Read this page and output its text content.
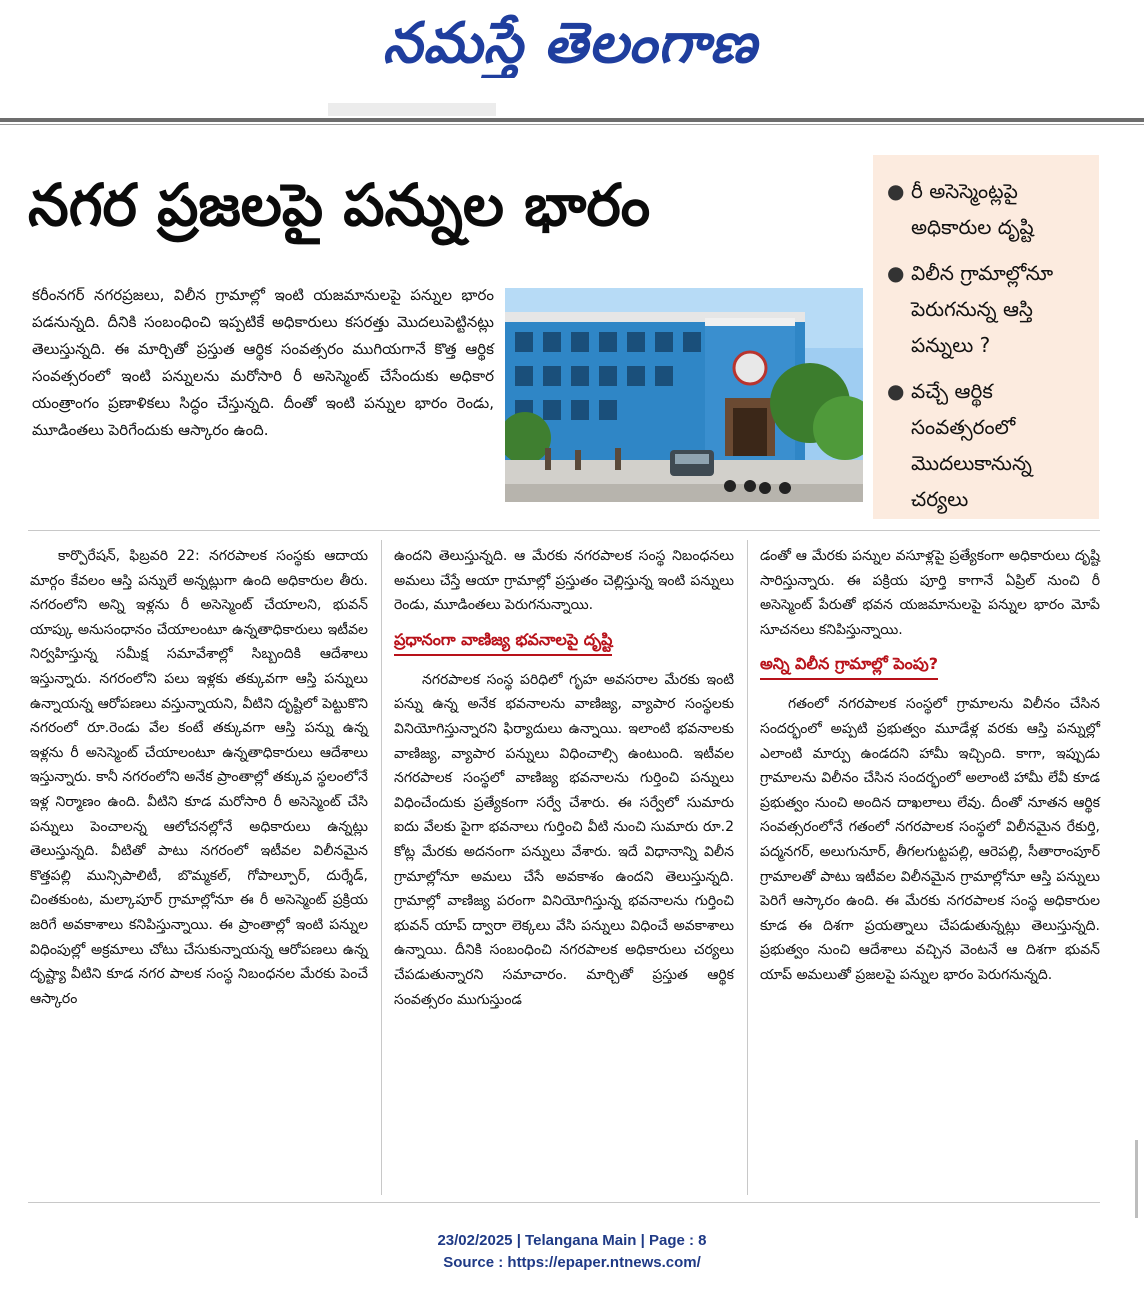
నమస్తే తెలంగాణ
నగర ప్రజలపై పన్నుల భారం	● రీ అసెస్మెంట్లపై అధికారుల దృష్టి
● విలీన గ్రామాల్లోనూ పెరుగనున్న ఆస్తి పన్నులు ?
● వచ్చే ఆర్థిక సంవత్సరంలో మొదలుకానున్న చర్యలు

కరీంనగర్ నగరప్రజలు, విలీన గ్రామాల్లో ఇంటి యజమానులపై పన్నుల భారం పడనున్నది. దీనికి సంబంధించి ఇప్పటికే అధికారులు కసరత్తు మొదలుపెట్టినట్లు తెలుస్తున్నది. ఈ మార్చితో ప్రస్తుత ఆర్థిక సంవత్సరం ముగియగానే కొత్త ఆర్థిక సంవత్సరంలో ఇంటి పన్నులను మరోసారి రీ అసెస్మెంట్ చేసేందుకు అధికార యంత్రాంగం ప్రణాళికలు సిద్ధం చేస్తున్నది. దీంతో ఇంటి పన్నుల భారం రెండు, మూడింతలు పెరిగేందుకు ఆస్కారం ఉంది.

కార్పొరేషన్, ఫిబ్రవరి 22: నగరపాలక సంస్థకు ఆదాయ మార్గం కేవలం ఆస్తి పన్నులే అన్నట్లుగా ఉంది అధికారుల తీరు. నగరంలోని అన్ని ఇళ్లను రీ అసెస్మెంట్ చేయాలని, భువన్ యాప్కు అనుసంధానం చేయాలంటూ ఉన్నతాధికారులు ఇటీవల నిర్వహిస్తున్న సమీక్ష సమావేశాల్లో సిబ్బందికి ఆదేశాలు ఇస్తున్నారు. నగరంలోని పలు ఇళ్లకు తక్కువగా ఆస్తి పన్నులు ఉన్నాయన్న ఆరోపణలు వస్తున్నాయని, వీటిని దృష్టిలో పెట్టుకొని నగరంలో రూ.రెండు వేల కంటే తక్కువగా ఆస్తి పన్ను ఉన్న ఇళ్లను రీ అసెస్మెంట్ చేయాలంటూ ఉన్నతాధికారులు ఆదేశాలు ఇస్తున్నారు. కానీ నగరంలోని అనేక ప్రాంతాల్లో తక్కువ స్థలంలోనే ఇళ్ల నిర్మాణం ఉంది. వీటిని కూడ మరోసారి రీ అసెస్మెంట్ చేసి పన్నులు పెంచాలన్న ఆలోచనల్లోనే అధికారులు ఉన్నట్లు తెలుస్తున్నది. వీటితో పాటు నగరంలో ఇటీవల విలీనమైన కొత్తపల్లి మున్సిపాలిటీ, బొమ్మకల్, గోపాల్పూర్, దుర్శేడ్, చింతకుంట, మల్కాపూర్ గ్రామాల్లోనూ ఈ రీ అసెస్మెంట్ ప్రక్రియ జరిగే అవకాశాలు కనిపిస్తున్నాయి. ఈ ప్రాంతాల్లో ఇంటి పన్నుల విధింపుల్లో అక్రమాలు చోటు చేసుకున్నాయన్న ఆరోపణలు ఉన్న దృష్ట్యా వీటిని కూడ నగర పాలక సంస్థ నిబంధనల మేరకు పెంచే ఆస్కారం

ఉందని తెలుస్తున్నది. ఆ మేరకు నగరపాలక సంస్థ నిబంధనలు అమలు చేస్తే ఆయా గ్రామాల్లో ప్రస్తుతం చెల్లిస్తున్న ఇంటి పన్నులు రెండు, మూడింతలు పెరుగనున్నాయి.

ప్రధానంగా వాణిజ్య భవనాలపై దృష్టి

నగరపాలక సంస్థ పరిధిలో గృహ అవసరాల మేరకు ఇంటి పన్ను ఉన్న అనేక భవనాలను వాణిజ్య, వ్యాపార సంస్థలకు వినియోగిస్తున్నారని ఫిర్యాదులు ఉన్నాయి. ఇలాంటి భవనాలకు వాణిజ్య, వ్యాపార పన్నులు విధించాల్సి ఉంటుంది. ఇటీవల నగరపాలక సంస్థలో వాణిజ్య భవనాలను గుర్తించి పన్నులు విధించేందుకు ప్రత్యేకంగా సర్వే చేశారు. ఈ సర్వేలో సుమారు ఐదు వేలకు పైగా భవనాలు గుర్తించి వీటి నుంచి సుమారు రూ.2 కోట్ల మేరకు అదనంగా పన్నులు వేశారు. ఇదే విధానాన్ని విలీన గ్రామాల్లోనూ అమలు చేసే అవకాశం ఉందని తెలుస్తున్నది. గ్రామాల్లో వాణిజ్య పరంగా వినియోగిస్తున్న భవనాలను గుర్తించి భువన్ యాప్ ద్వారా లెక్కలు వేసి పన్నులు విధించే అవకాశాలు ఉన్నాయి. దీనికి సంబంధించి నగరపాలక అధికారులు చర్యలు చేపడుతున్నారని సమాచారం. మార్చితో ప్రస్తుత ఆర్థిక సంవత్సరం ముగుస్తుండ

డంతో ఆ మేరకు పన్నుల వసూళ్లపై ప్రత్యేకంగా అధికారులు దృష్టి సారిస్తున్నారు. ఈ పక్రియ పూర్తి కాగానే ఏప్రిల్ నుంచి రీ అసెస్మెంట్ పేరుతో భవన యజమానులపై పన్నుల భారం మోపే సూచనలు కనిపిస్తున్నాయి.

అన్ని విలీన గ్రామాల్లో పెంపు?

గతంలో నగరపాలక సంస్థలో గ్రామాలను విలీనం చేసిన సందర్భంలో అప్పటి ప్రభుత్వం మూడేళ్ల వరకు ఆస్తి పన్నుల్లో ఎలాంటి మార్పు ఉండదని హామీ ఇచ్చింది. కాగా, ఇప్పుడు గ్రామాలను విలీనం చేసిన సందర్భంలో అలాంటి హామీ లేవీ కూడ ప్రభుత్వం నుంచి అందిన దాఖలాలు లేవు. దీంతో నూతన ఆర్థిక సంవత్సరంలోనే గతంలో నగరపాలక సంస్థలో విలీనమైన రేకుర్తి, పద్మనగర్, అలుగునూర్, తీగలగుట్టపల్లి, ఆరెపల్లి, సీతారాంపూర్ గ్రామాలతో పాటు ఇటీవల విలీనమైన గ్రామాల్లోనూ ఆస్తి పన్నులు పెరిగే ఆస్కారం ఉంది. ఈ మేరకు నగరపాలక సంస్థ అధికారుల కూడ ఈ దిశగా ప్రయత్నాలు చేపడుతున్నట్లు తెలుస్తున్నది. ప్రభుత్వం నుంచి ఆదేశాలు వచ్చిన వెంటనే ఆ దిశగా భువన్ యాప్ అమలుతో ప్రజలపై పన్నుల భారం పెరుగనున్నది.

23/02/2025 | Telangana Main | Page : 8
Source : https://epaper.ntnews.com/
